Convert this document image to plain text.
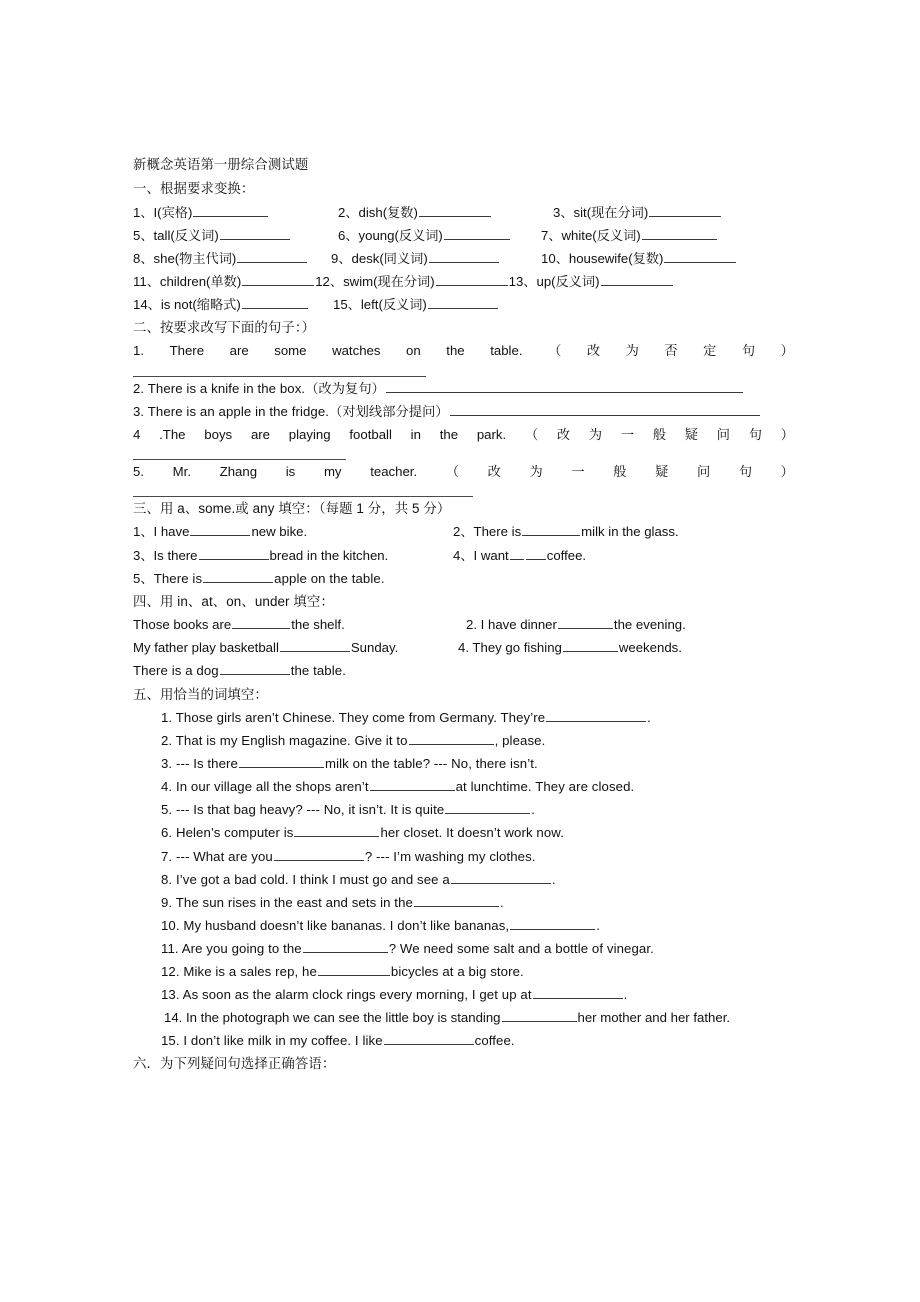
新概念英语第一册综合测试题
一、根据要求变换：
1、I(宾格)	2、dish(复数)	3、sit(现在分词)
5、tall(反义词)	6、young(反义词)	7、white(反义词)
8、she(物主代词)	9、desk(同义词)	10、housewife(复数)
11、children(单数)	12、swim(现在分词)	13、up(反义词)
14、is not(缩略式)	15、left(反义词)
二、按要求改写下面的句子：）
1. There are some watches on the table. （ 改 为 否 定 句 ）
2. There is a knife in the box.（改为复句）
3. There is an apple in the fridge.（对划线部分提问）
4 .The boys are playing football in the park. （ 改 为 一 般 疑 问 句 ）
5. Mr. Zhang is my teacher. （ 改 为 一 般 疑 问 句 ）
三、用 a、some.或 any 填空：（每题 1 分，共 5 分）
1、I have	new bike.	2、There is	milk in the glass.
3、Is there	bread in the kitchen.	4、I want	coffee.
5、There is	apple on the table.
四、用 in、at、on、under 填空：
Those books are	the shelf.	2. I have dinner	the evening.
My father play basketball	Sunday.	4. They go fishing	weekends.
There is a dog	the table.
五、用恰当的词填空：
1. Those girls aren’t Chinese. They come from Germany. They’re	.
2. That is my English magazine. Give it to	, please.
3. --- Is there	milk on the table? --- No, there isn’t.
4. In our village all the shops aren’t	at lunchtime. They are closed.
5. --- Is that bag heavy? --- No, it isn’t. It is quite	.
6. Helen’s computer is	her closet. It doesn’t work now.
7. --- What are you	? --- I’m washing my clothes.
8. I’ve got a bad cold. I think I must go and see a	.
9. The sun rises in the east and sets in the	.
10. My husband doesn’t like bananas. I don’t like bananas,	.
11. Are you going to the	? We need some salt and a bottle of vinegar.
12. Mike is a sales rep, he	bicycles at a big store.
13. As soon as the alarm clock rings every morning, I get up at	.
14. In the photograph we can see the little boy is standing	her mother and her father.
15. I don’t like milk in my coffee. I like	coffee.
六．为下列疑问句选择正确答语：
